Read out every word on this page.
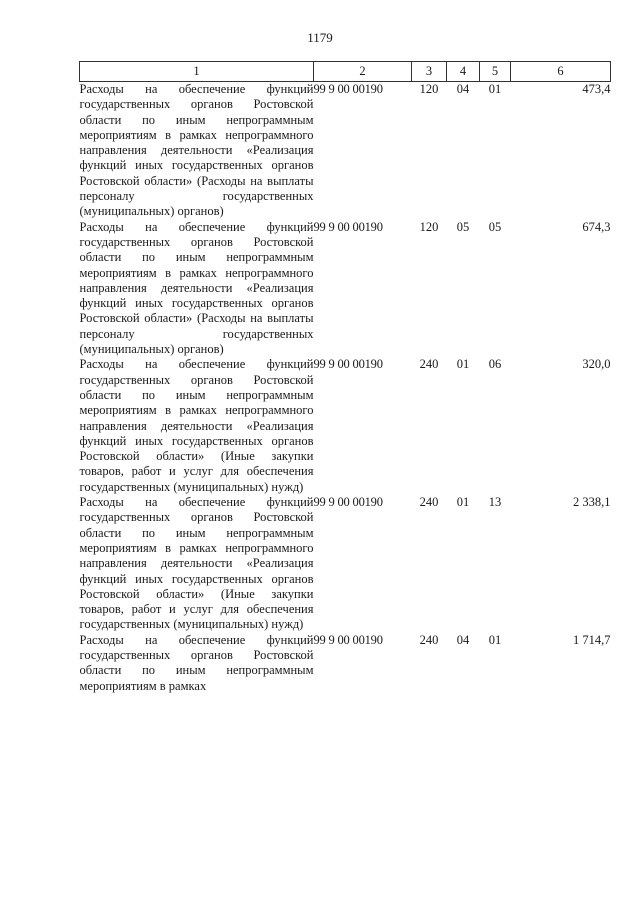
1179
1	2	3	4	5	6
Расходы на обеспечение функций государственных органов Ростовской области по иным непрограммным мероприятиям в рамках непрограммного направления деятельности «Реализация функций иных государственных органов Ростовской области» (Расходы на выплаты персоналу государственных (муниципальных) органов)	99 9 00 00190	120	04	01	473,4
Расходы на обеспечение функций государственных органов Ростовской области по иным непрограммным мероприятиям в рамках непрограммного направления деятельности «Реализация функций иных государственных органов Ростовской области» (Расходы на выплаты персоналу государственных (муниципальных) органов)	99 9 00 00190	120	05	05	674,3
Расходы на обеспечение функций государственных органов Ростовской области по иным непрограммным мероприятиям в рамках непрограммного направления деятельности «Реализация функций иных государственных органов Ростовской области» (Иные закупки товаров, работ и услуг для обеспечения государственных (муниципальных) нужд)	99 9 00 00190	240	01	06	320,0
Расходы на обеспечение функций государственных органов Ростовской области по иным непрограммным мероприятиям в рамках непрограммного направления деятельности «Реализация функций иных государственных органов Ростовской области» (Иные закупки товаров, работ и услуг для обеспечения государственных (муниципальных) нужд)	99 9 00 00190	240	01	13	2 338,1
Расходы на обеспечение функций государственных органов Ростовской области по иным непрограммным мероприятиям в рамках	99 9 00 00190	240	04	01	1 714,7
